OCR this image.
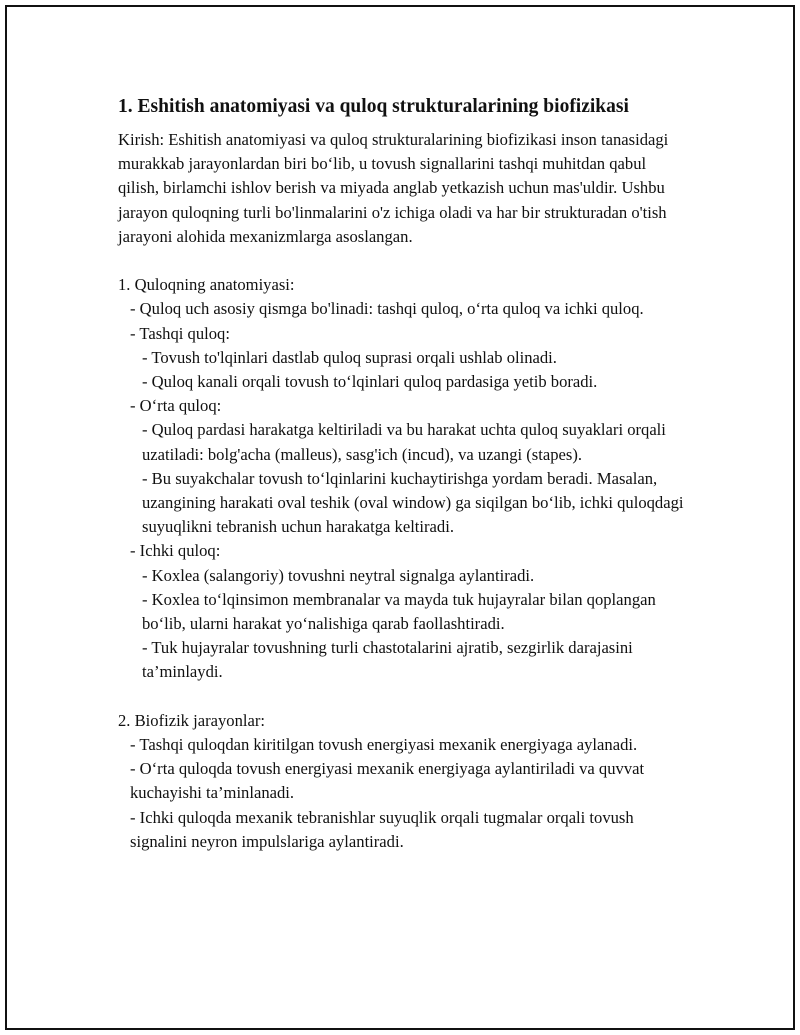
1. Eshitish anatomiyasi va quloq strukturalarining biofizikasi

Kirish: Eshitish anatomiyasi va quloq strukturalarining biofizikasi inson tanasidagi murakkab jarayonlardan biri bo‘lib, u tovush signallarini tashqi muhitdan qabul qilish, birlamchi ishlov berish va miyada anglab yetkazish uchun mas'uldir. Ushbu jarayon quloqning turli bo'linmalarini o'z ichiga oladi va har bir strukturadan o'tish jarayoni alohida mexanizmlarga asoslangan.

1. Quloqning anatomiyasi:

- Quloq uch asosiy qismga bo'linadi: tashqi quloq, o‘rta quloq va ichki quloq.

- Tashqi quloq:

- Tovush to'lqinlari dastlab quloq suprasi orqali ushlab olinadi.

- Quloq kanali orqali tovush to‘lqinlari quloq pardasiga yetib boradi.

- O‘rta quloq:

- Quloq pardasi harakatga keltiriladi va bu harakat uchta quloq suyaklari orqali uzatiladi: bolg'acha (malleus), sasg'ich (incud), va uzangi (stapes).

- Bu suyakchalar tovush to‘lqinlarini kuchaytirishga yordam beradi. Masalan, uzangining harakati oval teshik (oval window) ga siqilgan bo‘lib, ichki quloqdagi suyuqlikni tebranish uchun harakatga keltiradi.

- Ichki quloq:

- Koxlea (salangoriy) tovushni neytral signalga aylantiradi.

- Koxlea to‘lqinsimon membranalar va mayda tuk hujayralar bilan qoplangan bo‘lib, ularni harakat yo‘nalishiga qarab faollashtiradi.

- Tuk hujayralar tovushning turli chastotalarini ajratib, sezgirlik darajasini ta’minlaydi.

2. Biofizik jarayonlar:

- Tashqi quloqdan kiritilgan tovush energiyasi mexanik energiyaga aylanadi.

- O‘rta quloqda tovush energiyasi mexanik energiyaga aylantiriladi va quvvat kuchayishi ta’minlanadi.

- Ichki quloqda mexanik tebranishlar suyuqlik orqali tugmalar orqali tovush signalini neyron impulslariga aylantiradi.
